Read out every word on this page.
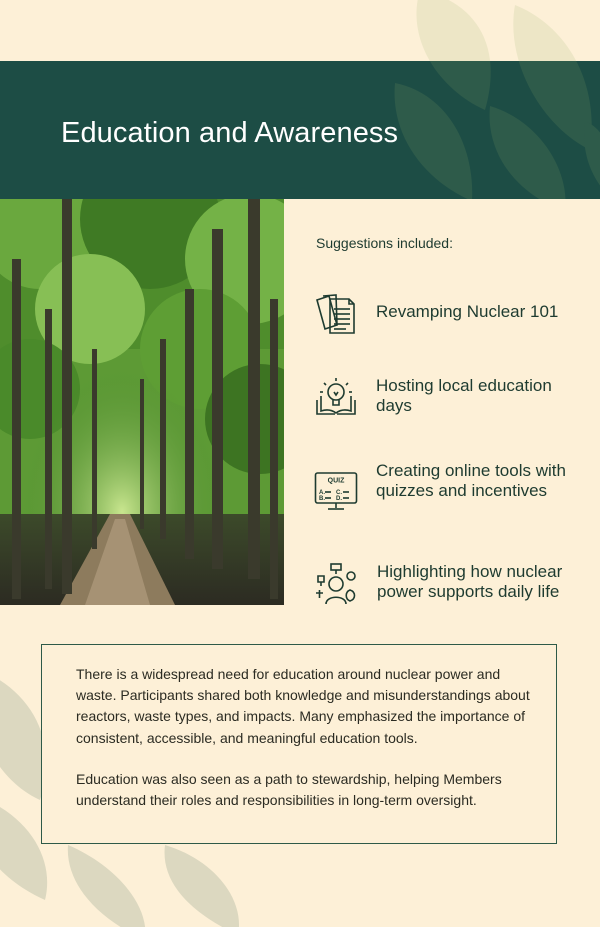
Education and Awareness
Suggestions included:
Revamping Nuclear 101
Hosting local education days
QUIZ
A.
B.
C.
D.
Creating online tools with quizzes and incentives
Highlighting how nuclear power supports daily life

There is a widespread need for education around nuclear power and waste. Participants shared both knowledge and misunderstandings about reactors, waste types, and impacts. Many emphasized the importance of consistent, accessible, and meaningful education tools.

Education was also seen as a path to stewardship, helping Members understand their roles and responsibilities in long-term oversight.
